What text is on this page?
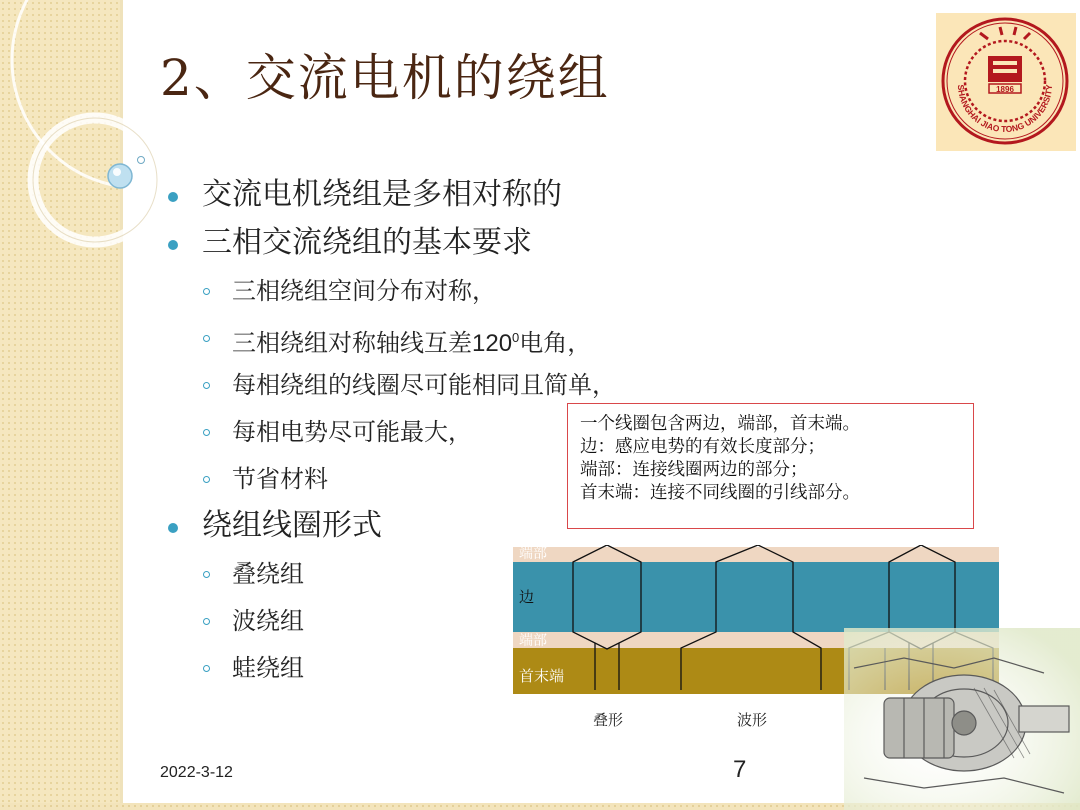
2、交流电机的绕组	SHANGHAI JIAO TONG UNIVERSITY
1896
交流电机绕组是多相对称的
三相交流绕组的基本要求
三相绕组空间分布对称，
三相绕组对称轴线互差$120^0$电角，
每相绕组的线圈尽可能相同且简单，
每相电势尽可能最大，
节省材料
绕组线圈形式
叠绕组
波绕组
蛙绕组
一个线圈包含两边，端部，首末端。
边：感应电势的有效长度部分；
端部：连接线圈两边的部分；
首末端：连接不同线圈的引线部分。
端部
边
端部
首末端
叠形	波形
2022-3-12	7
